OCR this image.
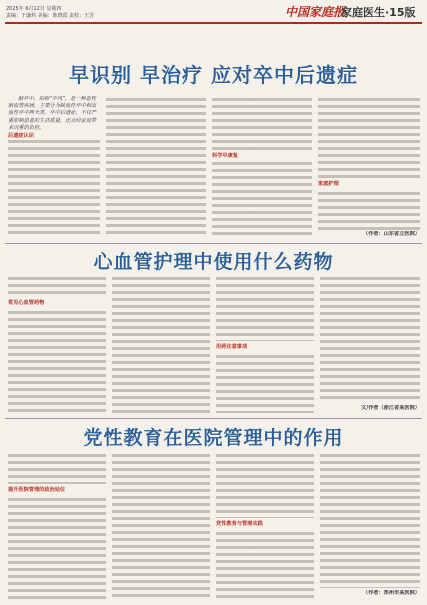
2025年 6月12日 星期四
责编：于谦莉 美编：陈晓霞 责校：王芳	中国家庭报
家庭医生·15版
早识别 早治疗 应对卒中后遗症

脑卒中，俗称“中风”，是一种急性脑血管疾病，主要分为缺血性卒中和出血性卒中两大类。卒中后遗症，不仅严重影响患者的生活质量，还会给家庭带来沉重的负担。

后遗症认识

科学早康复

家庭护理

（作者：山东省立医院）

心血管护理中使用什么药物

常见心血管药物

用药注意事项

文/作者（浙江省某医院）

党性教育在医院管理中的作用

提升医院管理的政治站位

党性教育与管理实践

（作者：郑州市某医院）
